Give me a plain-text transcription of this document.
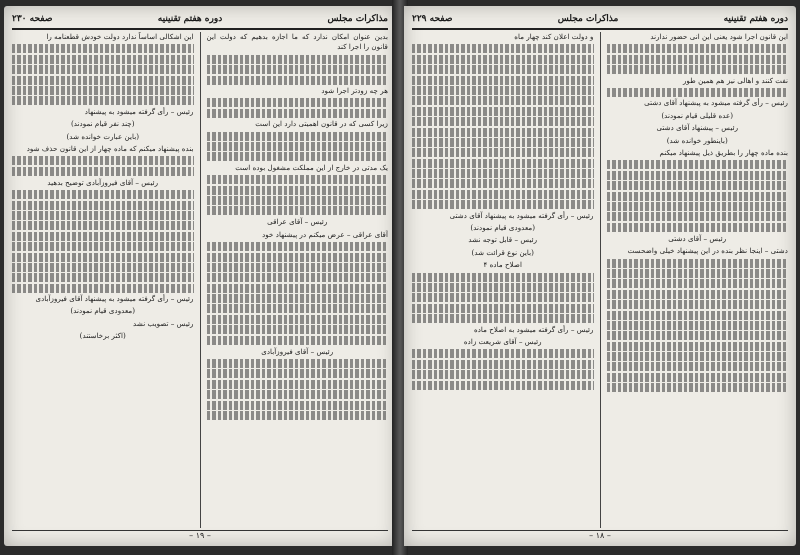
مذاکرات مجلس
دوره هفتم تقنینیه
صفحه ۲۳۰

بدین عنوان امکان ندارد که ما اجازه بدهیم که دولت این قانون را اجرا کند

هر چه زودتر اجرا شود

زیرا کسی که در قانون اهمیتی دارد این است

یک مدتی در خارج از این مملکت مشغول بوده است

رئیس – آقای عراقی

آقای عراقی – عرض میکنم در پیشنهاد خود

رئیس – آقای فیروزآبادی

این اشکالی اساساً ندارد دولت خودش قطعنامه را

رئیس – رأی گرفته میشود به پیشنهاد

(چند نفر قیام نمودند)

(باین عبارت خوانده شد)

بنده پیشنهاد میکنم که ماده چهار از این قانون حذف شود

رئیس – آقای فیروزآبادی توضیح بدهید

رئیس – رأی گرفته میشود به پیشنهاد آقای فیروزآبادی

(معدودی قیام نمودند)

رئیس – تصویب نشد

(اکثر برخاستند)

– ۱۹ –
دوره هفتم تقنینیه
مذاکرات مجلس
صفحه ۲۲۹

این قانون اجرا شود یعنی این انی حضور ندارند

نفت کنند و اهالی نیز هم همین طور

رئیس – رأی گرفته میشود به پیشنهاد آقای دشتی

(عده قلیلی قیام نمودند)

رئیس – پیشنهاد آقای دشتی

(باینطور خوانده شد)

بنده ماده چهار را بطریق ذیل پیشنهاد میکنم

رئیس – آقای دشتی

دشتی – اینجا نظر بنده در این پیشنهاد خیلی واضحست

و دولت اعلان کند چهار ماه

رئیس – رأی گرفته میشود به پیشنهاد آقای دشتی

(معدودی قیام نمودند)

رئیس – قابل توجه نشد

(باین نوع قرائت شد)

اصلاح ماده ۴

رئیس – رأی گرفته میشود به اصلاح ماده

رئیس – آقای شریعت زاده

– ۱۸ –
